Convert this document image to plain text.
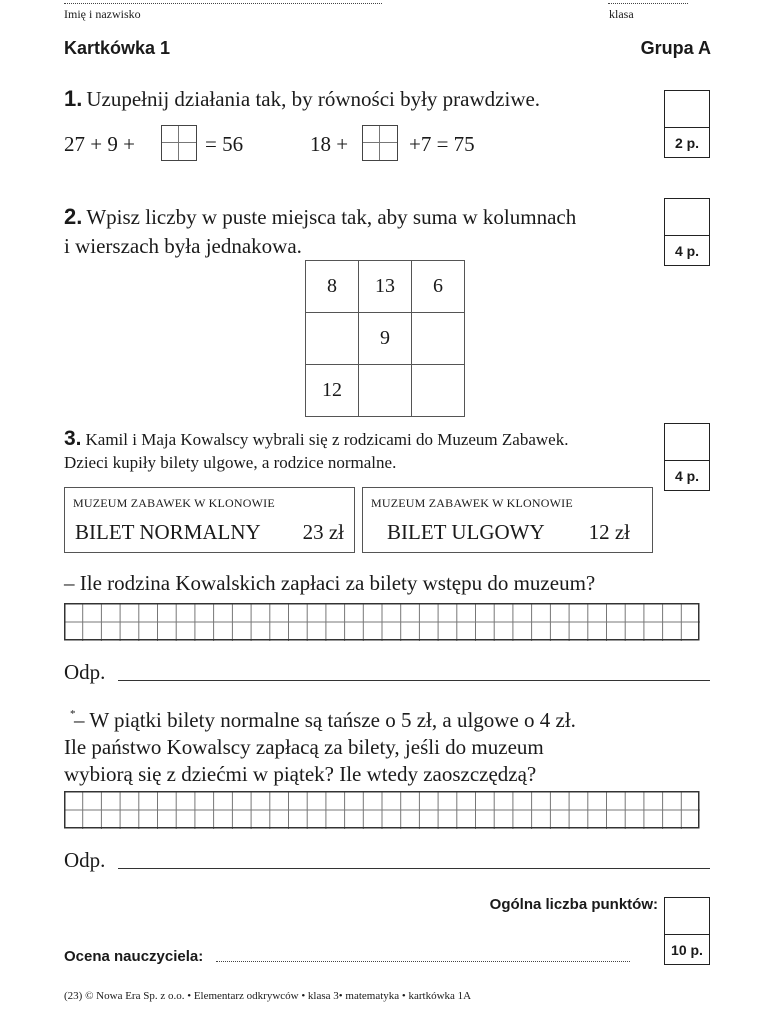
Imię i nazwisko	klasa
Kartkówka 1	Grupa A
1. Uzupełnij działania tak, by równości były prawdziwe.
27 + 9 +	= 56	18 +	+7 = 75	2 p.
2. Wpisz liczby w puste miejsca tak, aby suma w kolumnach
i wierszach była jednakowa.	4 p.
8	13	6
	9	
12		
3. Kamil i Maja Kowalscy wybrali się z rodzicami do Muzeum Zabawek.
Dzieci kupiły bilety ulgowe, a rodzice normalne.
4 p.
MUZEUM ZABAWEK W KLONOWIE
BILET NORMALNY 23 zł
MUZEUM ZABAWEK W KLONOWIE
BILET ULGOWY 12 zł
– Ile rodzina Kowalskich zapłaci za bilety wstępu do muzeum?
Odp.
*
– W piątki bilety normalne są tańsze o 5 zł, a ulgowe o 4 zł.
Ile państwo Kowalscy zapłacą za bilety, jeśli do muzeum
wybiorą się z dziećmi w piątek? Ile wtedy zaoszczędzą?
Odp.
Ogólna liczba punktów:
10 p.
Ocena nauczyciela:
(23) © Nowa Era Sp. z o.o. • Elementarz odkrywców • klasa 3• matematyka • kartkówka 1A
